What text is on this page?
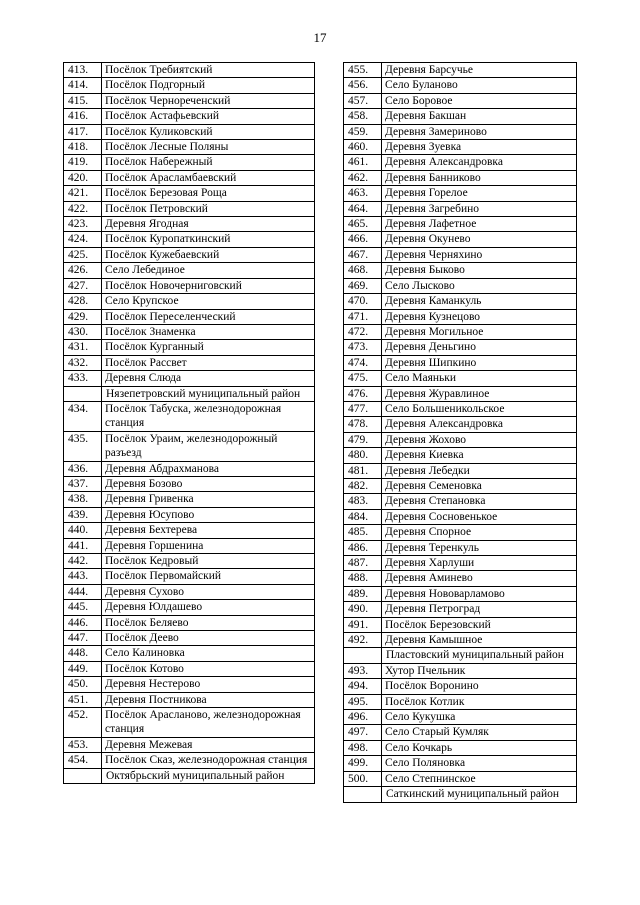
17
413.	Посёлок Требиятский
414.	Посёлок Подгорный
415.	Посёлок Чернореченский
416.	Посёлок Астафьевский
417.	Посёлок Куликовский
418.	Посёлок Лесные Поляны
419.	Посёлок Набережный
420.	Посёлок Арасламбаевский
421.	Посёлок Березовая Роща
422.	Посёлок Петровский
423.	Деревня Ягодная
424.	Посёлок Куропаткинский
425.	Посёлок Кужебаевский
426.	Село Лебединое
427.	Посёлок Новочерниговский
428.	Село Крупское
429.	Посёлок Переселенческий
430.	Посёлок Знаменка
431.	Посёлок Курганный
432.	Посёлок Рассвет
433.	Деревня Слюда
	Нязепетровский муниципальный район
434.	Посёлок Табуска, железнодорожная станция
435.	Посёлок Ураим, железнодорожный разъезд
436.	Деревня Абдрахманова
437.	Деревня Бозово
438.	Деревня Гривенка
439.	Деревня Юсупово
440.	Деревня Бехтерева
441.	Деревня Горшенина
442.	Посёлок Кедровый
443.	Посёлок Первомайский
444.	Деревня Сухово
445.	Деревня Юлдашево
446.	Посёлок Беляево
447.	Посёлок Деево
448.	Село Калиновка
449.	Посёлок Котово
450.	Деревня Нестерово
451.	Деревня Постникова
452.	Посёлок Арасланово, железнодорожная станция
453.	Деревня Межевая
454.	Посёлок Сказ, железнодорожная станция
	Октябрьский муниципальный район
455.	Деревня Барсучье
456.	Село Буланово
457.	Село Боровое
458.	Деревня Бакшан
459.	Деревня Замериново
460.	Деревня Зуевка
461.	Деревня Александровка
462.	Деревня Банниково
463.	Деревня Горелое
464.	Деревня Загребино
465.	Деревня Лафетное
466.	Деревня Окунево
467.	Деревня Черняхино
468.	Деревня Быково
469.	Село Лысково
470.	Деревня Каманкуль
471.	Деревня Кузнецово
472.	Деревня Могильное
473.	Деревня Деньгино
474.	Деревня Шипкино
475.	Село Маяньки
476.	Деревня Журавлиное
477.	Село Большеникольское
478.	Деревня Александровка
479.	Деревня Жохово
480.	Деревня Киевка
481.	Деревня Лебедки
482.	Деревня Семеновка
483.	Деревня Степановка
484.	Деревня Сосновенькое
485.	Деревня Спорное
486.	Деревня Теренкуль
487.	Деревня Харлуши
488.	Деревня Аминево
489.	Деревня Нововарламово
490.	Деревня Петроград
491.	Посёлок Березовский
492.	Деревня Камышное
	Пластовский муниципальный район
493.	Хутор Пчельник
494.	Посёлок Воронино
495.	Посёлок Котлик
496.	Село Кукушка
497.	Село Старый Кумляк
498.	Село Кочкарь
499.	Село Поляновка
500.	Село Степнинское
	Саткинский муниципальный район
